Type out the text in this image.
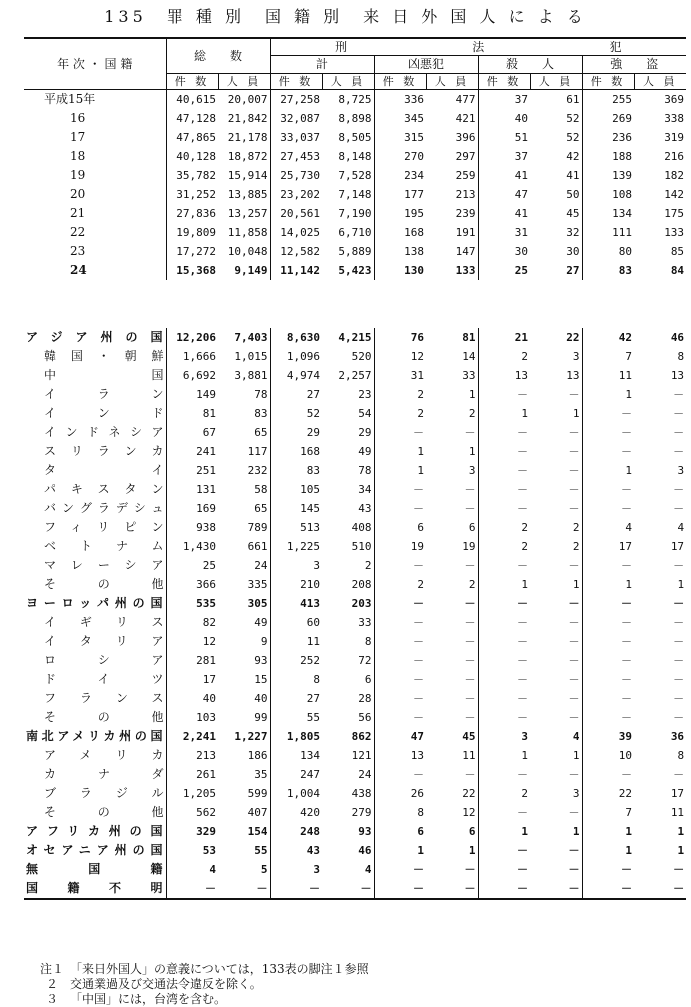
135　罪 種 別　国 籍 別　来 日 外 国 人 に よ る
年 次 ・ 国 籍	総　　数		刑 法 犯							

			計		凶悪犯		殺   人		強   盗	
	件 数	人 員	件 数	人 員	件 数	人 員	件 数	人 員	件 数	人 員
平成15年	40,615	20,007	27,258	8,725	336	477	37	61	255	369
16	47,128	21,842	32,087	8,898	345	421	40	52	269	338
17	47,865	21,178	33,037	8,505	315	396	51	52	236	319
18	40,128	18,872	27,453	8,148	270	297	37	42	188	216
19	35,782	15,914	25,730	7,528	234	259	41	41	139	182
20	31,252	13,885	23,202	7,148	177	213	47	50	108	142
21	27,836	13,257	20,561	7,190	195	239	41	45	134	175
22	19,809	11,858	14,025	6,710	168	191	31	32	111	133
23	17,272	10,048	12,582	5,889	138	147	30	30	80	85
24	15,368	9,149	11,142	5,423	130	133	25	27	83	84

アジア州の国	12,206	7,403	8,630	4,215	76	81	21	22	42	46
韓国・朝鮮	1,666	1,015	1,096	520	12	14	2	3	7	8
中国	6,692	3,881	4,974	2,257	31	33	13	13	11	13
イラン	149	78	27	23	2	1	－	－	1	－
インド	81	83	52	54	2	2	1	1	－	－
インドネシア	67	65	29	29	－	－	－	－	－	－
スリランカ	241	117	168	49	1	1	－	－	－	－
タイ	251	232	83	78	1	3	－	－	1	3
パキスタン	131	58	105	34	－	－	－	－	－	－
バングラデシュ	169	65	145	43	－	－	－	－	－	－
フィリピン	938	789	513	408	6	6	2	2	4	4
ベトナム	1,430	661	1,225	510	19	19	2	2	17	17
マレーシア	25	24	3	2	－	－	－	－	－	－
その他	366	335	210	208	2	2	1	1	1	1
ヨーロッパ州の国	535	305	413	203	－	－	－	－	－	－
イギリス	82	49	60	33	－	－	－	－	－	－
イタリア	12	9	11	8	－	－	－	－	－	－
ロシア	281	93	252	72	－	－	－	－	－	－
ドイツ	17	15	8	6	－	－	－	－	－	－
フランス	40	40	27	28	－	－	－	－	－	－
その他	103	99	55	56	－	－	－	－	－	－
南北アメリカ州の国	2,241	1,227	1,805	862	47	45	3	4	39	36
アメリカ	213	186	134	121	13	11	1	1	10	8
カナダ	261	35	247	24	－	－	－	－	－	－
ブラジル	1,205	599	1,004	438	26	22	2	3	22	17
その他	562	407	420	279	8	12	－	－	7	11
アフリカ州の国	329	154	248	93	6	6	1	1	1	1
オセアニア州の国	53	55	43	46	1	1	－	－	1	1
無国籍	4	5	3	4	－	－	－	－	－	－
国籍不明	－	－	－	－	－	－	－	－	－	－
注１ 「来日外国人」の意義については，133表の脚注１参照
２	交通業過及び交通法令違反を除く。
３	「中国」には，台湾を含む。
